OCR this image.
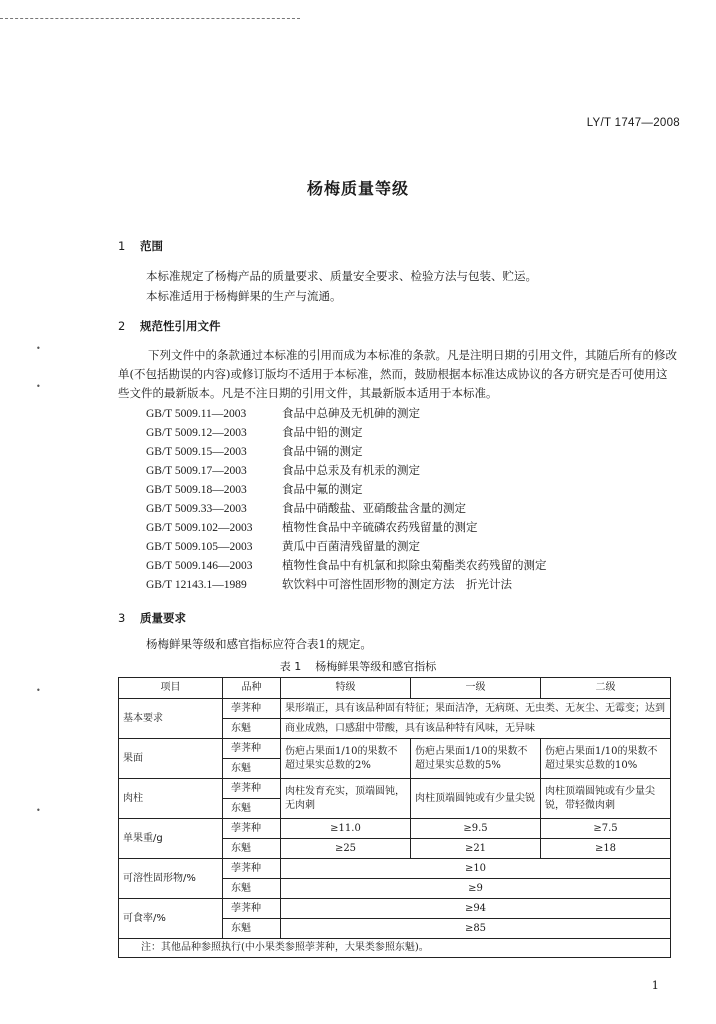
LY/T 1747—2008
杨梅质量等级
1 范围
本标准规定了杨梅产品的质量要求、质量安全要求、检验方法与包装、贮运。
本标准适用于杨梅鲜果的生产与流通。
2 规范性引用文件
下列文件中的条款通过本标准的引用而成为本标准的条款。凡是注明日期的引用文件，其随后所有的修改单(不包括勘误的内容)或修订版均不适用于本标准，然而，鼓励根据本标准达成协议的各方研究是否可使用这些文件的最新版本。凡是不注日期的引用文件，其最新版本适用于本标准。
GB/T 5009.11—2003	食品中总砷及无机砷的测定
GB/T 5009.12—2003	食品中铅的测定
GB/T 5009.15—2003	食品中镉的测定
GB/T 5009.17—2003	食品中总汞及有机汞的测定
GB/T 5009.18—2003	食品中氟的测定
GB/T 5009.33—2003	食品中硝酸盐、亚硝酸盐含量的测定
GB/T 5009.102—2003	植物性食品中辛硫磷农药残留量的测定
GB/T 5009.105—2003	黄瓜中百菌清残留量的测定
GB/T 5009.146—2003	植物性食品中有机氯和拟除虫菊酯类农药残留的测定
GB/T 12143.1—1989	软饮料中可溶性固形物的测定方法　折光计法
3 质量要求
杨梅鲜果等级和感官指标应符合表1的规定。
表 1 杨梅鲜果等级和感官指标
项目	品种	特级	一级	二级
基本要求	荸荠种	果形端正，具有该品种固有特征；果面洁净，无病斑、无虫类、无灰尘、无霉变；达到		
	东魁	商业成熟，口感甜中带酸，具有该品种特有风味，无异味		
果面	荸荠种	伤疤占果面1/10的果数不超过果实总数的2%	伤疤占果面1/10的果数不超过果实总数的5%	伤疤占果面1/10的果数不超过果实总数的10%
	东魁			
肉柱	荸荠种	肉柱发育充实，顶端圆钝，无肉刺	肉柱顶端圆钝或有少量尖锐	肉柱顶端圆钝或有少量尖锐，带轻微肉刺
	东魁			
单果重/g	荸荠种	≥11.0	≥9.5	≥7.5
	东魁	≥25	≥21	≥18
可溶性固形物/%	荸荠种	≥10		
	东魁	≥9		
可食率/%	荸荠种	≥94		
	东魁	≥85		
注：其他品种参照执行(中小果类参照荸荠种，大果类参照东魁)。				
1
•
•
•
•
